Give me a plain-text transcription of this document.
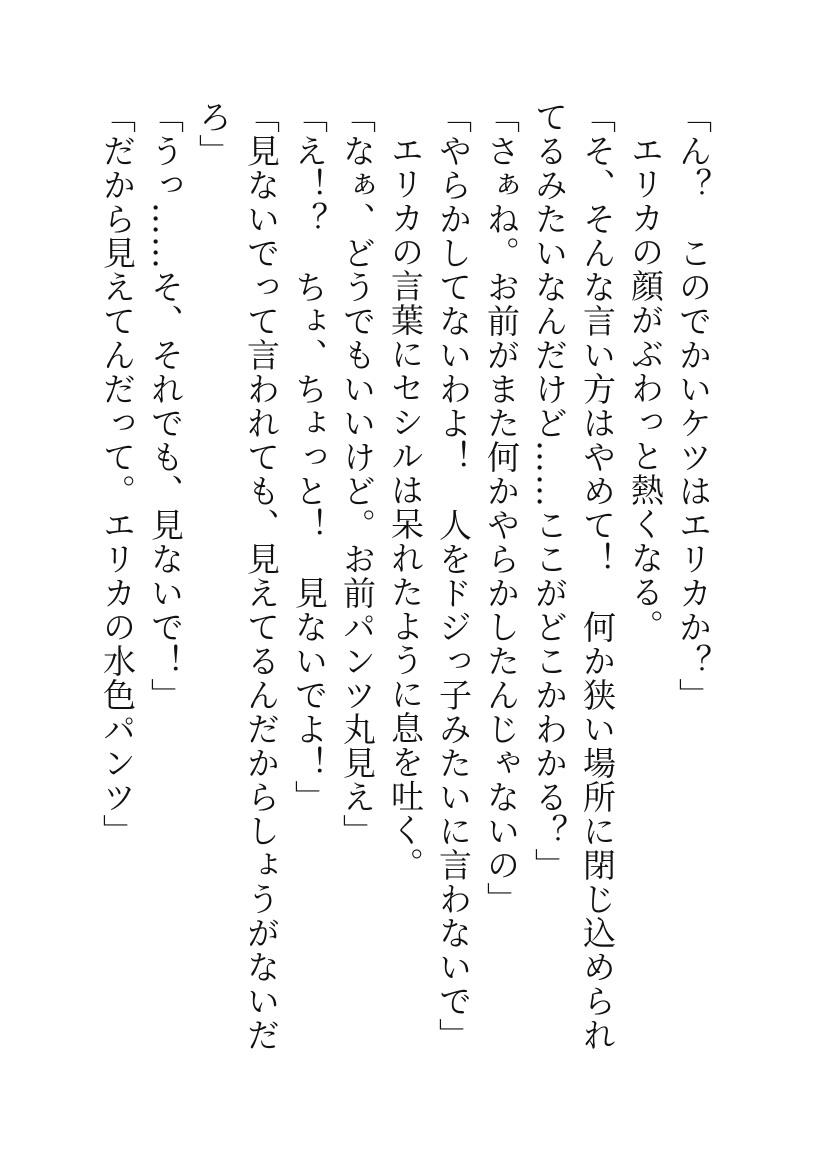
「ん？　このでかいケツはエリカか？」

エリカの顔がぶわっと熱くなる。

「そ、そんな言い方はやめて！　何か狭い場所に閉じ込められてるみたいなんだけど……ここがどこかわかる？」

「さぁね。お前がまた何かやらかしたんじゃないの」

「やらかしてないわよ！　人をドジっ子みたいに言わないで」

エリカの言葉にセシルは呆れたように息を吐く。

「なぁ、どうでもいいけど。お前パンツ丸見え」

「え！？　ちょ、ちょっと！　見ないでよ！」

「見ないでって言われても、見えてるんだからしょうがないだろ」

「うっ……そ、それでも、見ないで！」

「だから見えてんだって。エリカの水色パンツ」
